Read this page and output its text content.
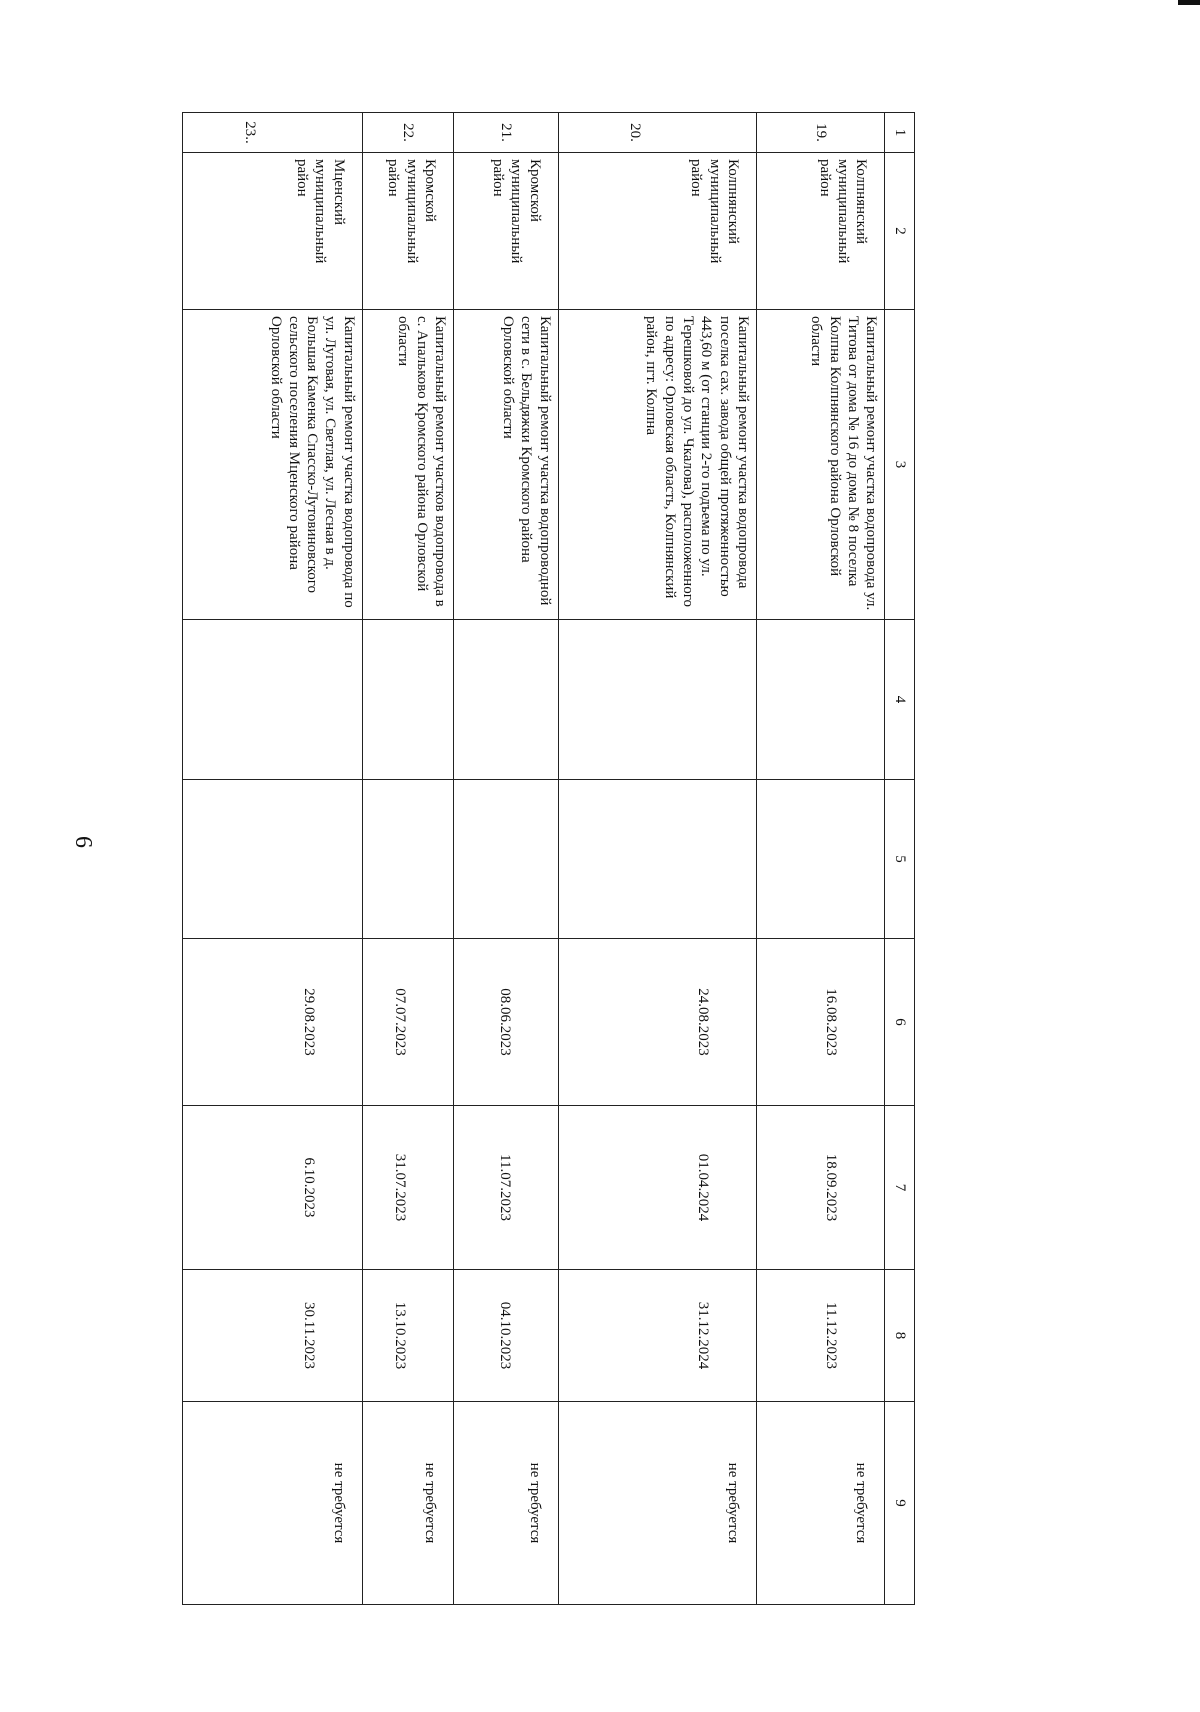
6
1	2	3	4	5	6	7	8	9
19.	Колпнянский муниципальный район	Капитальный ремонт участка водопровода ул. Титова от дома № 16 до дома № 8 поселка Колпна Колпнянского района Орловской области			16.08.2023	18.09.2023	11.12.2023	не требуется
20.	Колпнянский муниципальный район	Капитальный ремонт участка водопровода поселка сах. завода общей протяженностью 443,60 м (от станции 2-го подъема по ул. Терешковой до ул. Чкалова), расположенного по адресу: Орловская область, Колпнянский район, пгт. Колпна			24.08.2023	01.04.2024	31.12.2024	не требуется
21.	Кромской муниципальный район	Капитальный ремонт участка водопроводной сети в с. Бельдяжки Кромского района Орловской области			08.06.2023	11.07.2023	04.10.2023	не требуется
22.	Кромской муниципальный район	Капитальный ремонт участков водопровода в с. Апальково Кромского района Орловской области			07.07.2023	31.07.2023	13.10.2023	не требуется
23..	Мценский муниципальный район	Капитальный ремонт участка водопровода по ул. Луговая, ул. Светлая, ул. Лесная в д. Большая Каменка Спасско-Лутовиновского сельского поселения Мценского района Орловской области			29.08.2023	6.10.2023	30.11.2023	не требуется
